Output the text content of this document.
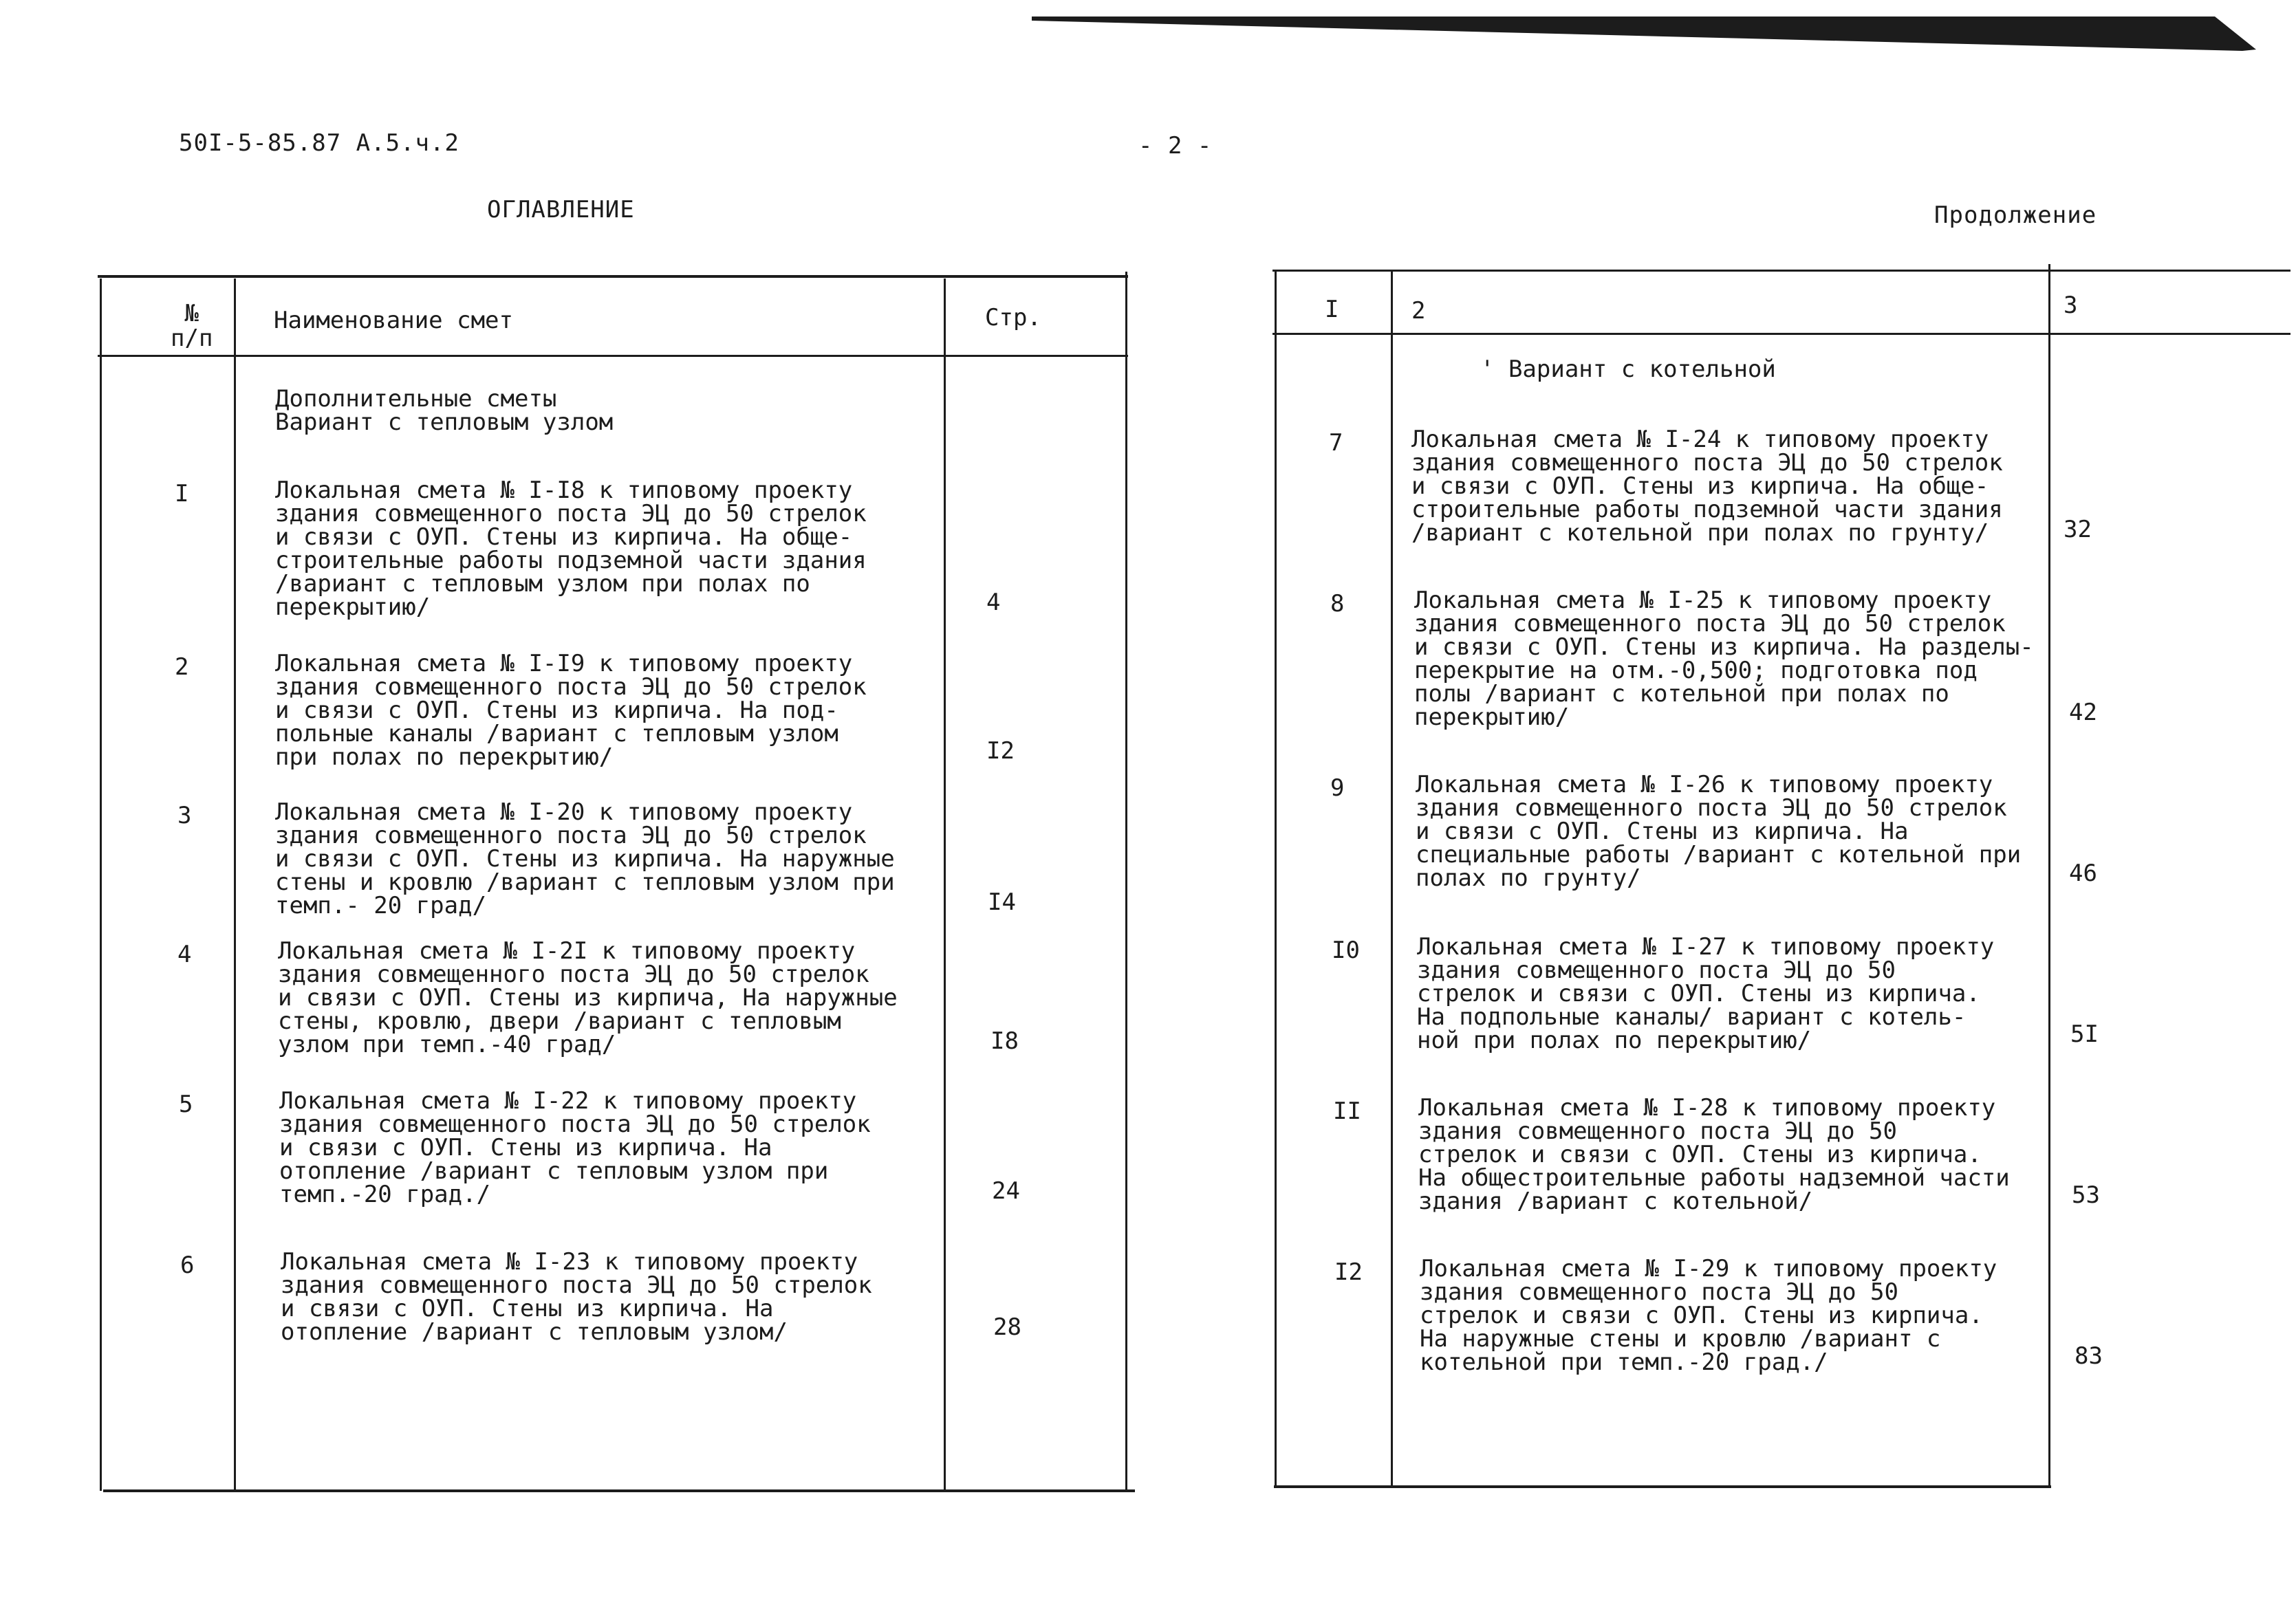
50I-5-85.87 А.5.ч.2	- 2 -
ОГЛАВЛЕНИЕ	Продолжение
№
п/п
Наименование смет	Стр.
Дополнительные сметы
Вариант с тепловым узлом
I	Локальная смета № I-I8 к типовому проекту
здания совмещенного поста ЭЦ до 50 стрелок
и связи с ОУП. Стены из кирпича. На обще-
строительные работы подземной части здания
/вариант с тепловым узлом при полах по
перекрытию/	4
2	Локальная смета № I-I9 к типовому проекту
здания совмещенного поста ЭЦ до 50 стрелок
и связи с ОУП. Стены из кирпича. На под-
польные каналы /вариант с тепловым узлом
при полах по перекрытию/	I2
3	Локальная смета № I-20 к типовому проекту
здания совмещенного поста ЭЦ до 50 стрелок
и связи с ОУП. Стены из кирпича. На наружные
стены и кровлю /вариант с тепловым узлом при
темп.- 20 град/	I4
4	Локальная смета № I-2I к типовому проекту
здания совмещенного поста ЭЦ до 50 стрелок
и связи с ОУП. Стены из кирпича, На наружные
стены, кровлю, двери /вариант с тепловым
узлом при темп.-40 град/	I8
5	Локальная смета № I-22 к типовому проекту
здания совмещенного поста ЭЦ до 50 стрелок
и связи с ОУП. Стены из кирпича. На
отопление /вариант с тепловым узлом при
темп.-20 град./	24
6	Локальная смета № I-23 к типовому проекту
здания совмещенного поста ЭЦ до 50 стрелок
и связи с ОУП. Стены из кирпича. На
отопление /вариант с тепловым узлом/	28
I	2	3
' Вариант с котельной
7	Локальная смета № I-24 к типовому проекту
здания совмещенного поста ЭЦ до 50 стрелок
и связи с ОУП. Стены из кирпича. На обще-
строительные работы подземной части здания
/вариант с котельной при полах по грунту/	32
8	Локальная смета № I-25 к типовому проекту
здания совмещенного поста ЭЦ до 50 стрелок
и связи с ОУП. Стены из кирпича. На разделы-
перекрытие на отм.-0,500; подготовка под
полы /вариант с котельной при полах по
перекрытию/	42
9	Локальная смета № I-26 к типовому проекту
здания совмещенного поста ЭЦ до 50 стрелок
и связи с ОУП. Стены из кирпича. На
специальные работы /вариант с котельной при
полах по грунту/	46
I0 Локальная смета № I-27 к типовому проекту
здания совмещенного поста ЭЦ до 50
стрелок и связи с ОУП. Стены из кирпича.
На подпольные каналы/ вариант с котель-
ной при полах по перекрытию/	5I
II Локальная смета № I-28 к типовому проекту
здания совмещенного поста ЭЦ до 50
стрелок и связи с ОУП. Стены из кирпича.
На общестроительные работы надземной части
здания /вариант с котельной/	53
I2 Локальная смета № I-29 к типовому проекту
здания совмещенного поста ЭЦ до 50
стрелок и связи с ОУП. Стены из кирпича.
На наружные стены и кровлю /вариант с
котельной при темп.-20 град./	83
